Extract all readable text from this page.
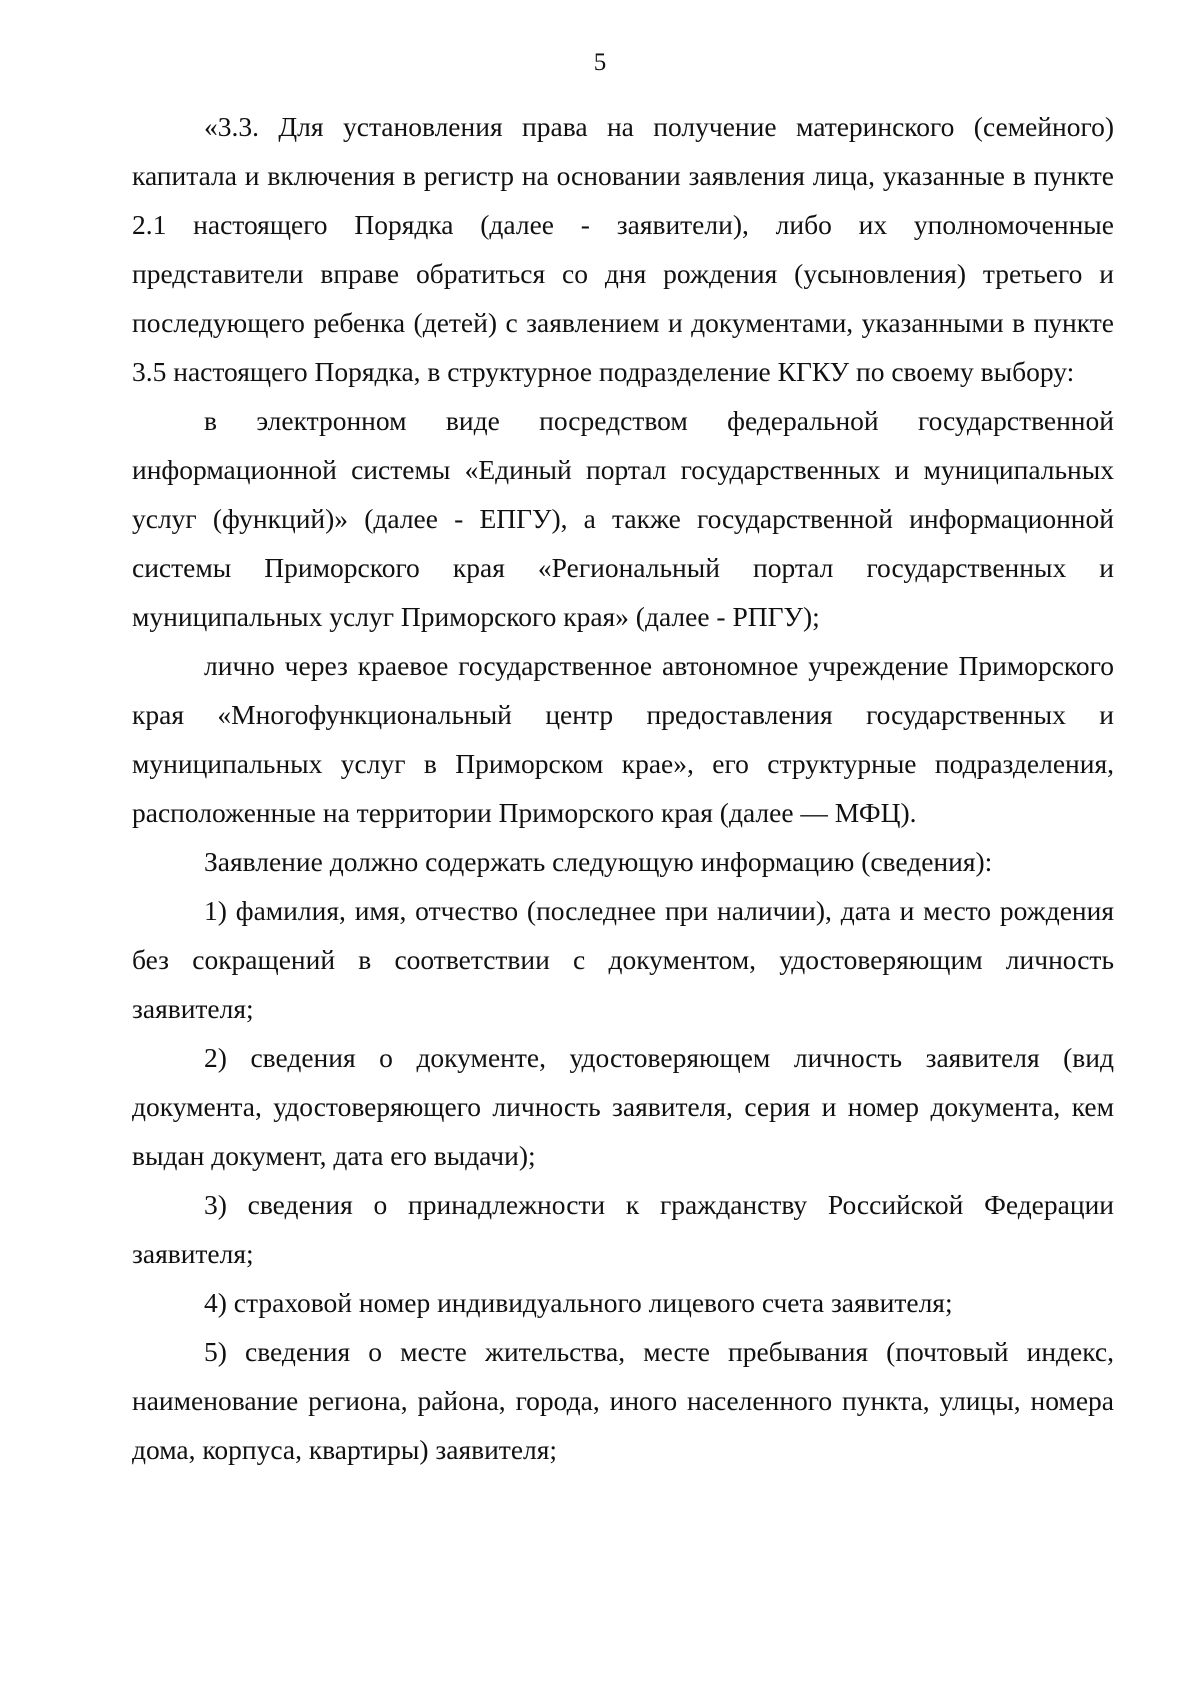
5

«3.3. Для установления права на получение материнского (семейного) капитала и включения в регистр на основании заявления лица, указанные в пункте 2.1 настоящего Порядка (далее - заявители), либо их уполномоченные представители вправе обратиться со дня рождения (усыновления) третьего и последующего ребенка (детей) с заявлением и документами, указанными в пункте 3.5 настоящего Порядка, в структурное подразделение КГКУ по своему выбору:

в электронном виде посредством федеральной государственной информационной системы «Единый портал государственных и муниципальных услуг (функций)» (далее - ЕПГУ), а также государственной информационной системы Приморского края «Региональный портал государственных и муниципальных услуг Приморского края» (далее - РПГУ);

лично через краевое государственное автономное учреждение Приморского края «Многофункциональный центр предоставления государственных и муниципальных услуг в Приморском крае», его структурные подразделения, расположенные на территории Приморского края (далее — МФЦ).

Заявление должно содержать следующую информацию (сведения):

1) фамилия, имя, отчество (последнее при наличии), дата и место рождения без сокращений в соответствии с документом, удостоверяющим личность заявителя;

2) сведения о документе, удостоверяющем личность заявителя (вид документа, удостоверяющего личность заявителя, серия и номер документа, кем выдан документ, дата его выдачи);

3) сведения о принадлежности к гражданству Российской Федерации заявителя;

4) страховой номер индивидуального лицевого счета заявителя;

5) сведения о месте жительства, месте пребывания (почтовый индекс, наименование региона, района, города, иного населенного пункта, улицы, номера дома, корпуса, квартиры) заявителя;
